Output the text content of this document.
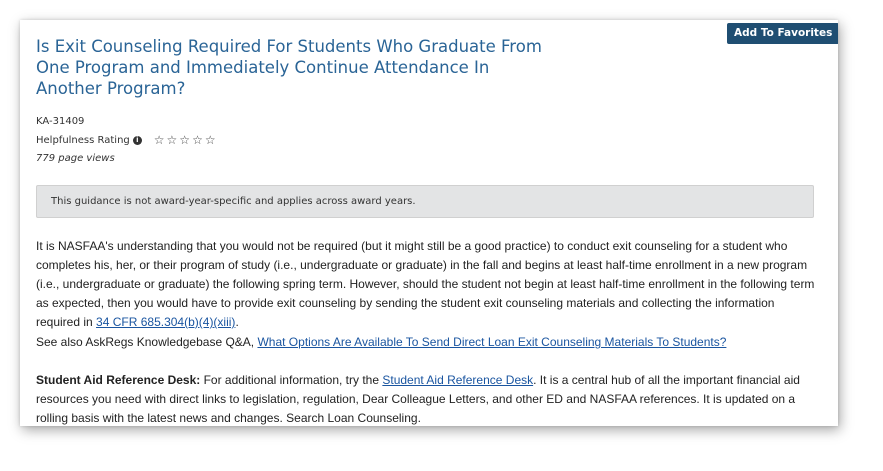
Add To Favorites
Is Exit Counseling Required For Students Who Graduate From One Program and Immediately Continue Attendance In Another Program?
KA-31409
Helpfulness Rating i ☆ ☆ ☆ ☆ ☆
779 page views
This guidance is not award-year-specific and applies across award years.

It is NASFAA's understanding that you would not be required (but it might still be a good practice) to conduct exit counseling for a student who completes his, her, or their program of study (i.e., undergraduate or graduate) in the fall and begins at least half-time enrollment in a new program (i.e., undergraduate or graduate) the following spring term. However, should the student not begin at least half-time enrollment in the following term as expected, then you would have to provide exit counseling by sending the student exit counseling materials and collecting the information required in 34 CFR 685.304(b)(4)(xiii).

See also AskRegs Knowledgebase Q&A, What Options Are Available To Send Direct Loan Exit Counseling Materials To Students?

Student Aid Reference Desk: For additional information, try the Student Aid Reference Desk. It is a central hub of all the important financial aid resources you need with direct links to legislation, regulation, Dear Colleague Letters, and other ED and NASFAA references. It is updated on a rolling basis with the latest news and changes. Search Loan Counseling.
